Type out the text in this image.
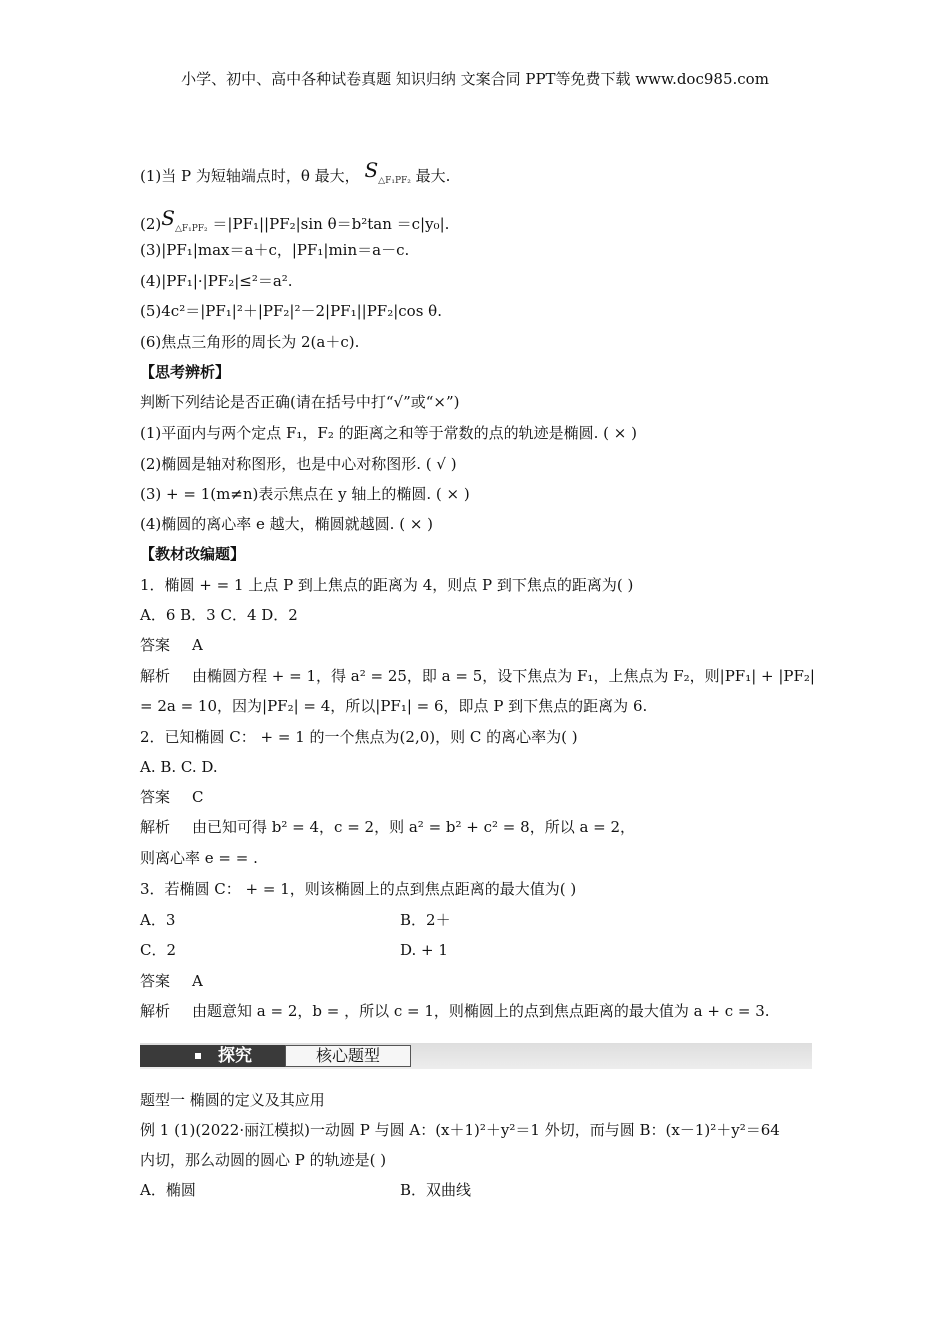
小学、初中、高中各种试卷真题 知识归纳 文案合同 PPT等免费下载 www.doc985.com
(1)当 P 为短轴端点时，θ 最大， S△F₁PF₂ 最大.
(2)S△F₁PF₂ ＝|PF₁||PF₂|sin θ＝b²tan ＝c|y₀|.
(3)|PF₁|max＝a＋c，|PF₁|min＝a－c.
(4)|PF₁|·|PF₂|≤²＝a².
(5)4c²＝|PF₁|²＋|PF₂|²－2|PF₁||PF₂|cos θ.
(6)焦点三角形的周长为 2(a＋c).
【思考辨析】
判断下列结论是否正确(请在括号中打“√”或“×”)
(1)平面内与两个定点 F₁，F₂ 的距离之和等于常数的点的轨迹是椭圆. ( × )
(2)椭圆是轴对称图形，也是中心对称图形. ( √ )
(3) + = 1(m≠n)表示焦点在 y 轴上的椭圆. ( × )
(4)椭圆的离心率 e 越大，椭圆就越圆. ( × )
【教材改编题】
1．椭圆 + = 1 上点 P 到上焦点的距离为 4，则点 P 到下焦点的距离为( )
A．6 B．3 C．4 D．2
答案 A
解析 由椭圆方程 + = 1，得 a² = 25，即 a = 5，设下焦点为 F₁，上焦点为 F₂，则|PF₁| + |PF₂|
= 2a = 10，因为|PF₂| = 4，所以|PF₁| = 6，即点 P 到下焦点的距离为 6.
2．已知椭圆 C： + = 1 的一个焦点为(2,0)，则 C 的离心率为( )
A. B. C. D.
答案 C
解析 由已知可得 b² = 4，c = 2，则 a² = b² + c² = 8，所以 a = 2，
则离心率 e = = .
3．若椭圆 C： + = 1，则该椭圆上的点到焦点距离的最大值为( )
A．3	B．2＋
C．2	D. + 1
答案 A
解析 由题意知 a = 2，b = ，所以 c = 1，则椭圆上的点到焦点距离的最大值为 a + c = 3.
探究	核心题型
题型一 椭圆的定义及其应用
例 1 (1)(2022·丽江模拟)一动圆 P 与圆 A：(x＋1)²＋y²＝1 外切，而与圆 B：(x－1)²＋y²＝64
内切，那么动圆的圆心 P 的轨迹是( )
A．椭圆	B．双曲线
